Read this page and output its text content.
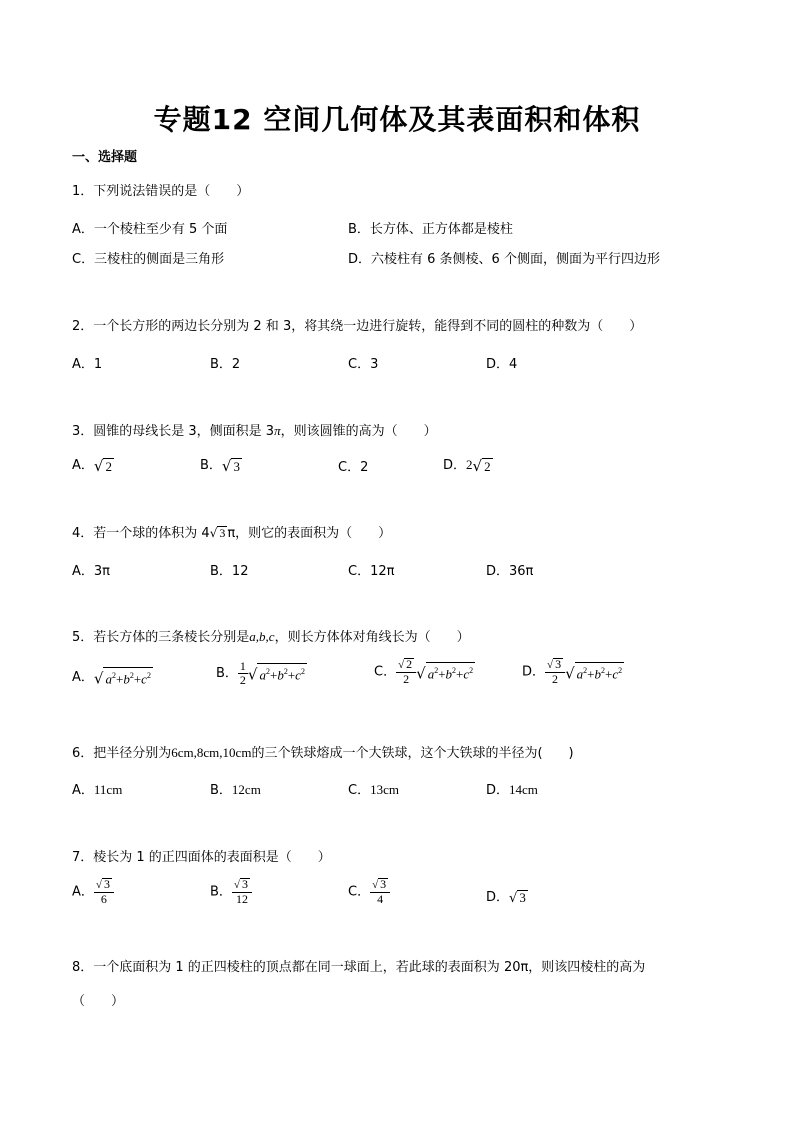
专题12 空间几何体及其表面积和体积
一、选择题
1．下列说法错误的是（　　）
A．一个棱柱至少有 5 个面	B．长方体、正方体都是棱柱
C．三棱柱的侧面是三角形	D．六棱柱有 6 条侧棱、6 个侧面，侧面为平行四边形
2．一个长方形的两边长分别为 2 和 3，将其绕一边进行旋转，能得到不同的圆柱的种数为（　　）
A．1	B．2	C．3	D．4
3．圆锥的母线长是 3，侧面积是 3π，则该圆锥的高为（　　）
A．√ 2	B．√ 3	C．2	D．2√ 2
4．若一个球的体积为 4√ 3 π，则它的表面积为（　　）
A．3π	B．12	C．12π	D．36π
5．若长方体的三条棱长分别是a,b,c，则长方体体对角线长为（　　）
A．√ $a^2+b^2+c^2$	B． $\frac{1}{2}$ √ $a^2+b^2+c^2$	C． $\frac{√ 2}{2}$ √ $a^2+b^2+c^2$	D． $\frac{√ 3}{2}$ √ $a^2+b^2+c^2$
6．把半径分别为6cm,8cm,10cm的三个铁球熔成一个大铁球，这个大铁球的半径为(　　)
A．11cm	B．12cm	C．13cm	D．14cm
7．棱长为 1 的正四面体的表面积是（　　）
A． $\frac{√ 3}{6}$	B． $\frac{√ 3}{12}$	C． $\frac{√ 3}{4}$	D．√ 3
8．一个底面积为 1 的正四棱柱的顶点都在同一球面上，若此球的表面积为 20π，则该四棱柱的高为
（　　）
